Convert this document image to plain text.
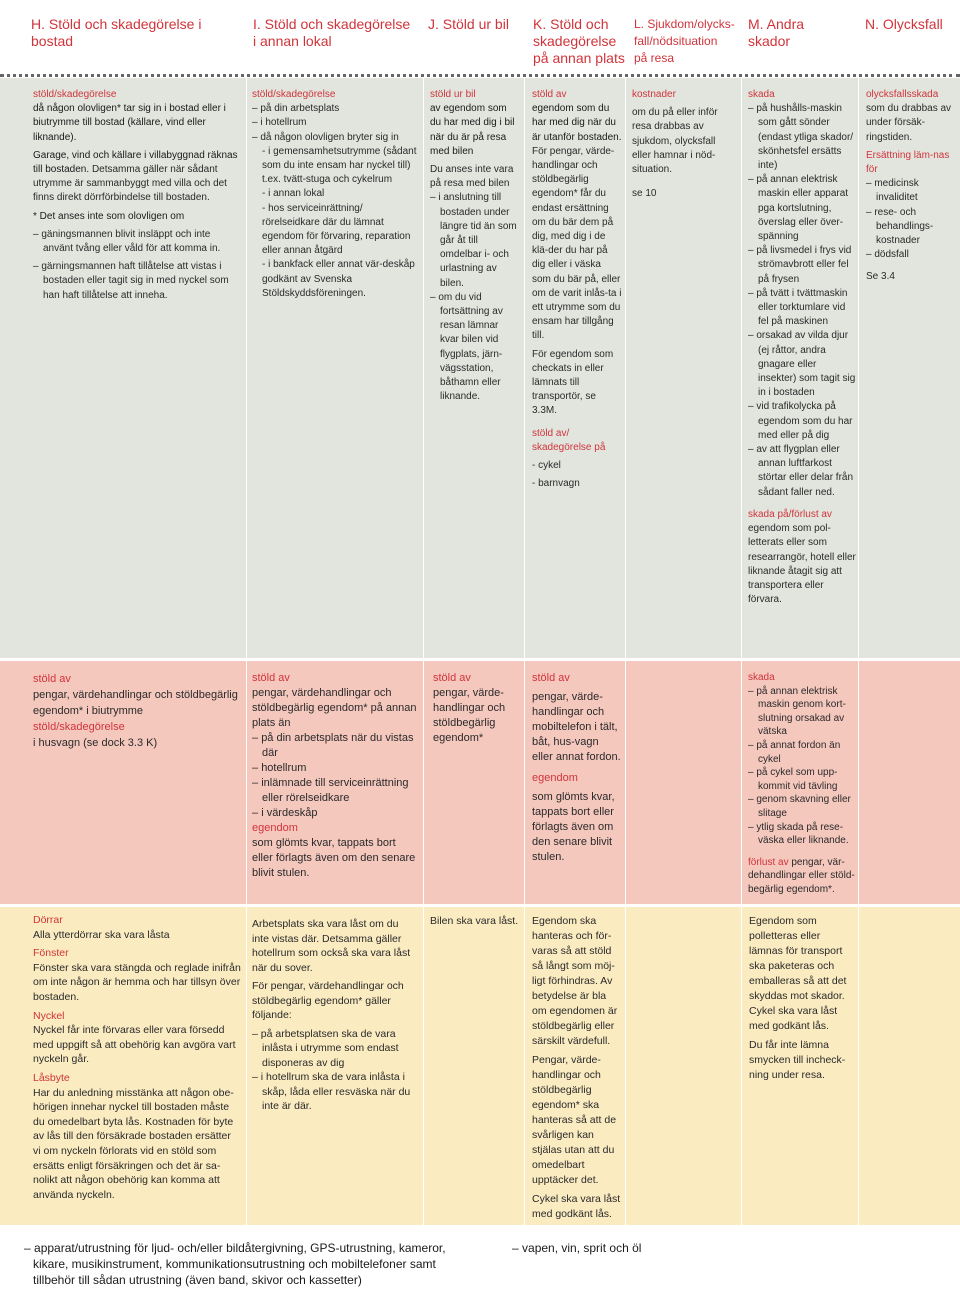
H. Stöld och skadegörelse i
bostad
I. Stöld och skadegörelse
i annan lokal
J. Stöld ur bil	K. Stöld och
skadegörelse
på annan plats
L. Sjukdom/olycks-
fall/nödsituation
på resa
M. Andra
skador
N. Olycksfall
stöld/skadegörelse

då någon olovligen* tar sig in i bostad eller i biutrymme till bostad (källare, vind eller liknande).

Garage, vind och källare i villabyggnad räknas till bostaden. Detsamma gäller när sådant utrymme är sammanbyggt med villa och det finns direkt dörrförbindelse till bostaden.

* Det anses inte som olovligen om

– gäningsmannen blivit insläppt och inte använt tvång eller våld för att komma in.

– gärningsmannen haft tillåtelse att vistas i bostaden eller tagit sig in med nyckel som han haft tillåtelse att inneha.

stöld/skadegörelse
– på din arbetsplats
– i hotellrum
– då någon olovligen bryter sig in
- i gemensamhetsutrymme (sådant som du inte ensam har nyckel till) t.ex. tvätt-stuga och cykelrum
- i annan lokal
- hos serviceinrättning/ rörelseidkare där du lämnat egendom för förvaring, reparation eller annan åtgärd
- i bankfack eller annat vär-deskåp godkänt av Svenska Stöldskyddsföreningen.
stöld ur bil

av egendom som du har med dig i bil när du är på resa med bilen

Du anses inte vara på resa med bilen
– i anslutning till bostaden under längre tid än som går åt till omdelbar i- och urlastning av bilen.
– om du vid fortsättning av resan lämnar kvar bilen vid flygplats, järn-vägsstation, båthamn eller liknande.
stöld av

egendom som du har med dig när du är utanför bostaden. För pengar, värde-handlingar och stöldbegärlig egendom* får du endast ersättning om du bär dem på dig, med dig i de klä-der du har på dig eller i väska som du bär på, eller om de varit inlås-ta i ett utrymme som du ensam har tillgång till.

För egendom som checkats in eller lämnats till transportör, se 3.3M.

stöld av/ skadegörelse på
- cykel
- barnvagn
kostnader

om du på eller inför resa drabbas av sjukdom, olycksfall eller hamnar i nöd-situation.

se 10

skada
– på hushålls-maskin som gått sönder (endast ytliga skador/ skönhetsfel ersätts inte)
– på annan elektrisk maskin eller apparat pga kortslutning, överslag eller över-spänning
– på livsmedel i frys vid strömavbrott eller fel på frysen
– på tvätt i tvättmaskin eller torktumlare vid fel på maskinen
– orsakad av vilda djur (ej råttor, andra gnagare eller insekter) som tagit sig in i bostaden
– vid trafikolycka på egendom som du har med eller på dig
– av att flygplan eller annan luftfarkost störtar eller delar från sådant faller ned.
skada på/förlust av
egendom som pol-letterats eller som researrangör, hotell eller liknande åtagit sig att transportera eller förvara.
olycksfallsskada

som du drabbas av under försäk-ringstiden.

Ersättning läm-nas för
– medicinsk invaliditet
– rese- och behandlings-kostnader
– dödsfall

Se 3.4

stöld av
pengar, värdehandlingar och stöldbegärlig egendom* i biutrymme
stöld/skadegörelse
i husvagn (se dock 3.3 K)
stöld av
pengar, värdehandlingar och stöldbegärlig egendom* på annan plats än
– på din arbetsplats när du vistas där
– hotellrum
– inlämnade till serviceinrättning eller rörelseidkare
– i värdeskåp
egendom
som glömts kvar, tappats bort eller förlagts även om den senare blivit stulen.
stöld av
pengar, värde-handlingar och stöldbegärlig egendom*
stöld av

pengar, värde-handlingar och mobiltelefon i tält, båt, hus-vagn eller annat fordon.

egendom
som glömts kvar, tappats bort eller förlagts även om den senare blivit stulen.
skada
– på annan elektrisk maskin genom kort-slutning orsakad av vätska
– på annat fordon än cykel
– på cykel som upp-kommit vid tävling
– genom skavning eller slitage
– ytlig skada på rese-väska eller liknande.

förlust av pengar, vär-dehandlingar eller stöld-begärlig egendom*.

Dörrar
Alla ytterdörrar ska vara låsta
Fönster
Fönster ska vara stängda och reglade inifrån om inte någon är hemma och har tillsyn över bostaden.
Nyckel
Nyckel får inte förvaras eller vara försedd med uppgift så att obehörig kan avgöra vart nyckeln går.
Låsbyte
Har du anledning misstänka att någon obe-hörigen innehar nyckel till bostaden måste du omedelbart byta lås. Kostnaden för byte av lås till den försäkrade bostaden ersätter vi om nyckeln förlorats vid en stöld som ersätts enligt försäkringen och det är sa-nolikt att någon obehörig kan komma att använda nyckeln.

Arbetsplats ska vara låst om du inte vistas där. Detsamma gäller hotellrum som också ska vara låst när du sover.

För pengar, värdehandlingar och stöldbegärlig egendom* gäller följande:

– på arbetsplatsen ska de vara inlåsta i utrymme som endast disponeras av dig
– i hotellrum ska de vara inlåsta i skåp, låda eller resväska när du inte är där.
Bilen ska vara låst.	Egendom ska hanteras och för-varas så att stöld så långt som möj-ligt förhindras. Av betydelse är bla om egendomen är stöldbegärlig eller särskilt värdefull.

Pengar, värde-handlingar och stöldbegärlig egendom* ska hanteras så att de svårligen kan stjälas utan att du omedelbart upptäcker det.

Cykel ska vara låst med godkänt lås.

Egendom som polletteras eller lämnas för transport ska paketeras och emballeras så att det skyddas mot skador. Cykel ska vara låst med godkänt lås.

Du får inte lämna smycken till incheck-ning under resa.

– apparat/utrustning för ljud- och/eller bildåtergivning, GPS-utrustning, kameror,
kikare, musikinstrument, kommunikationsutrustning och mobiltelefoner samt
tillbehör till sådan utrustning (även band, skivor och kassetter)
– vapen, vin, sprit och öl
